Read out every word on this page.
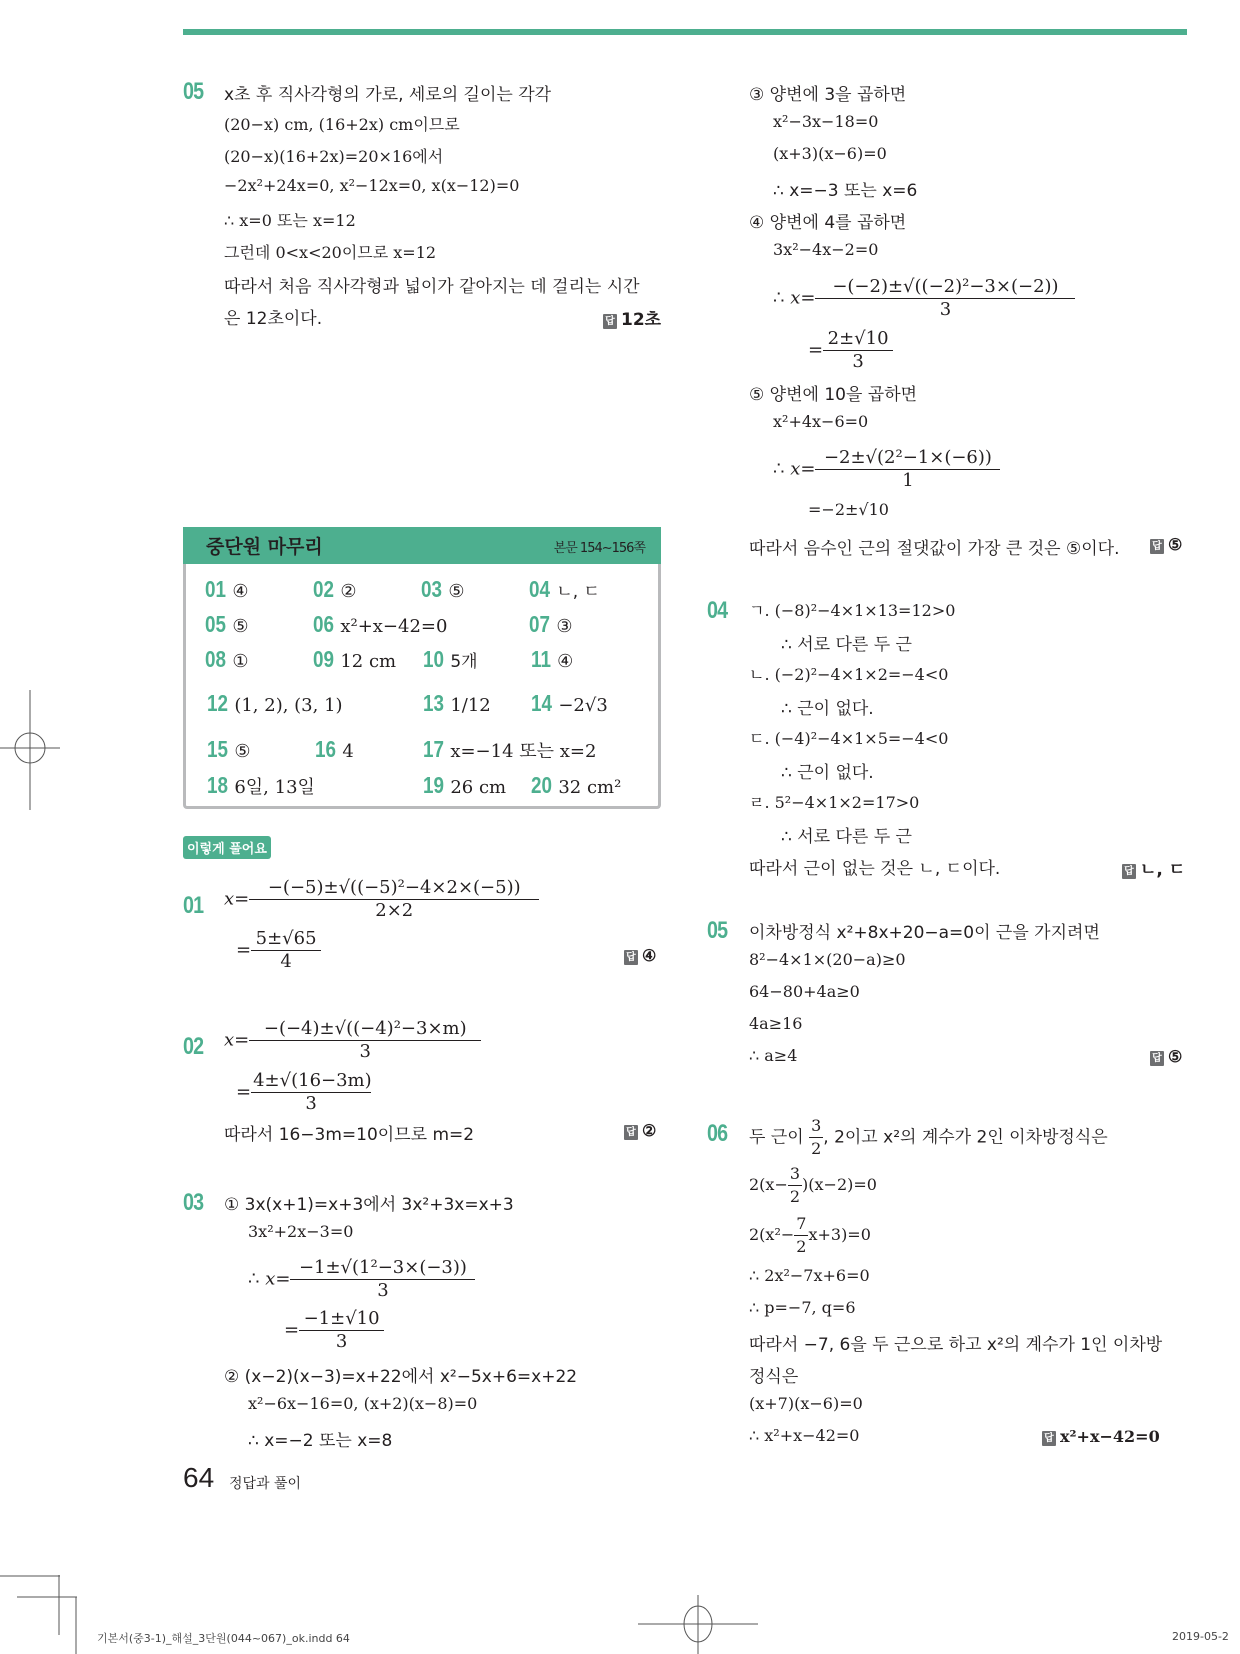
05 x초 후 직사각형의 가로, 세로의 길이는 각각
(20−x) cm, (16+2x) cm이므로
(20−x)(16+2x)=20×16에서
−2x²+24x=0, x²−12x=0, x(x−12)=0
∴ x=0 또는 x=12
그런데 0<x<20이므로 x=12
따라서 처음 직사각형과 넓이가 같아지는 데 걸리는 시간
은 12초이다.	답 12초
중단원 마무리	본문 154∼156쪽
01 ④	02 ②	03 ⑤	04 ㄴ, ㄷ
05 ⑤	06 x²+x−42=0	07 ③
08 ①	09 12 cm 10 5개 11 ④
12 (1, 2), (3, 1)	13 1/12 14 −2√3
15 ⑤	16 4	17 x=−14 또는 x=2
18 6일, 13일	19 26 cm 20 32 cm²
이렇게 풀어요
01 $x= \frac{\text{−(−5)±√((−5)²−4×2×(−5))}}{2\times 2}$
= $\frac{5\pm√65}{4}$	답 ④
02 $x= \frac{\text{−(−4)±√((−4)²−3×m)}}{3}$
= $\frac{4\pm√(16-3m)}{3}$
따라서 16−3m=10이므로 m=2	답 ②
03 ① 3x(x+1)=x+3에서 3x²+3x=x+3
3x²+2x−3=0
∴ $x= \frac{\text{−1±√(1²−3×(−3))}}{3}$
= $\frac{-1\pm√10}{3}$
② (x−2)(x−3)=x+22에서 x²−5x+6=x+22
x²−6x−16=0, (x+2)(x−8)=0
∴ x=−2 또는 x=8
③ 양변에 3을 곱하면
x²−3x−18=0
(x+3)(x−6)=0
∴ x=−3 또는 x=6
④ 양변에 4를 곱하면
3x²−4x−2=0
∴ $x= \frac{\text{−(−2)±√((−2)²−3×(−2))}}{3}$
= $\frac{2\pm√10}{3}$
⑤ 양변에 10을 곱하면
x²+4x−6=0
∴ $x= \frac{\text{−2±√(2²−1×(−6))}}{1}$
=−2±√10
따라서 음수인 근의 절댓값이 가장 큰 것은 ⑤이다.	답 ⑤
04 ㄱ. (−8)²−4×1×13=12>0
∴ 서로 다른 두 근
ㄴ. (−2)²−4×1×2=−4<0
∴ 근이 없다.
ㄷ. (−4)²−4×1×5=−4<0
∴ 근이 없다.
ㄹ. 5²−4×1×2=17>0
∴ 서로 다른 두 근
따라서 근이 없는 것은 ㄴ, ㄷ이다.	답 ㄴ, ㄷ
05 이차방정식 x²+8x+20−a=0이 근을 가지려면
8²−4×1×(20−a)≥0
64−80+4a≥0
4a≥16
∴ a≥4	답 ⑤
06 두 근이 $\frac{3}{2}$ , 2이고 x²의 계수가 2인 이차방정식은
$2(x- \frac{3}{2} )(x-2)=0$
$2(x^2- \frac{7}{2} x+3)=0$
∴ 2x²−7x+6=0
∴ p=−7, q=6
따라서 −7, 6을 두 근으로 하고 x²의 계수가 1인 이차방
정식은
(x+7)(x−6)=0
∴ x²+x−42=0	답 x²+x−42=0
64 정답과 풀이
기본서(중3-1)_해설_3단원(044~067)_ok.indd 64	2019-05-2
